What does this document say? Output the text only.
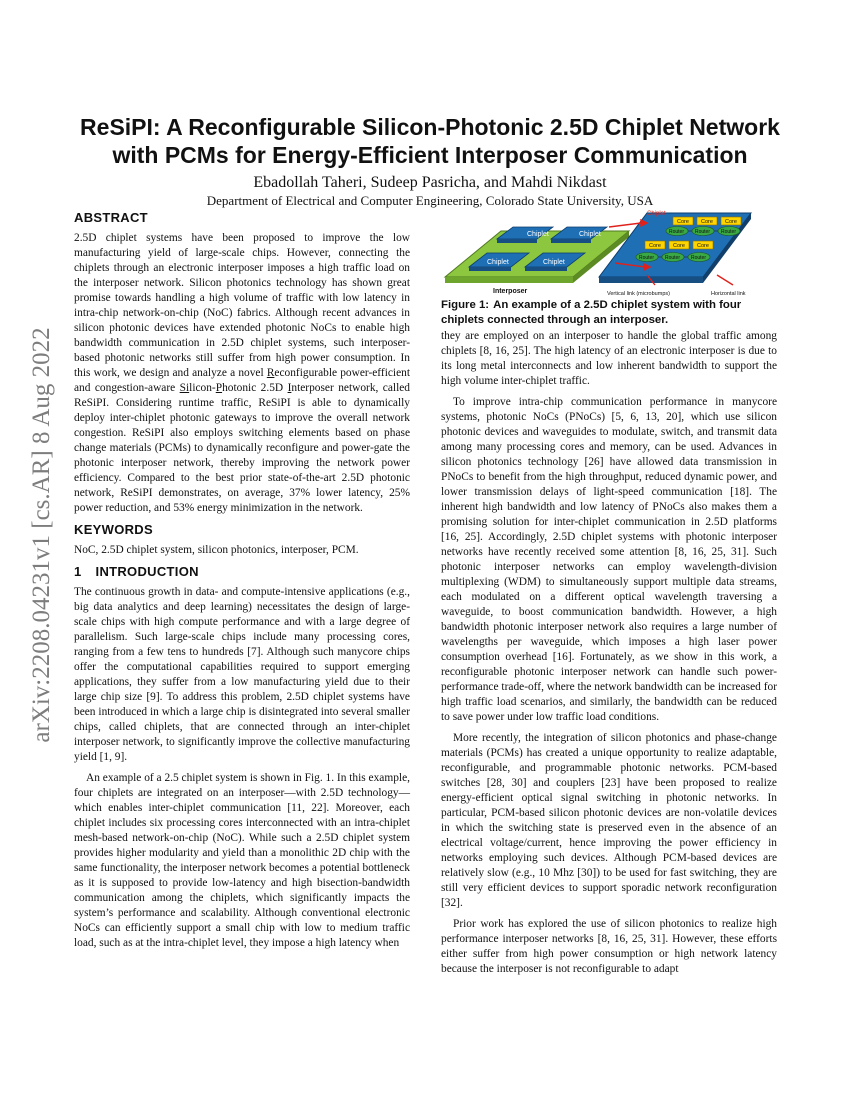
arXiv:2208.04231v1 [cs.AR] 8 Aug 2022
ReSiPI: A Reconfigurable Silicon-Photonic 2.5D Chiplet Network
with PCMs for Energy-Efficient Interposer Communication
Ebadollah Taheri, Sudeep Pasricha, and Mahdi Nikdast
Department of Electrical and Computer Engineering, Colorado State University, USA
ABSTRACT

2.5D chiplet systems have been proposed to improve the low manufacturing yield of large-scale chips. However, connecting the chiplets through an electronic interposer imposes a high traffic load on the interposer network. Silicon photonics technology has shown great promise towards handling a high volume of traffic with low latency in intra-chip network-on-chip (NoC) fabrics. Although recent advances in silicon photonic devices have extended photonic NoCs to enable high bandwidth communication in 2.5D chiplet systems, such interposer-based photonic networks still suffer from high power consumption. In this work, we design and analyze a novel Reconfigurable power-efficient and congestion-aware Silicon-Photonic 2.5D Interposer network, called ReSiPI. Considering runtime traffic, ReSiPI is able to dynamically deploy inter-chiplet photonic gateways to improve the overall network congestion. ReSiPI also employs switching elements based on phase change materials (PCMs) to dynamically reconfigure and power-gate the photonic interposer network, thereby improving the network power efficiency. Compared to the best prior state-of-the-art 2.5D photonic network, ReSiPI demonstrates, on average, 37% lower latency, 25% power reduction, and 53% energy minimization in the network.

KEYWORDS

NoC, 2.5D chiplet system, silicon photonics, interposer, PCM.

1 INTRODUCTION

The continuous growth in data- and compute-intensive applications (e.g., big data analytics and deep learning) necessitates the design of large-scale chips with high compute performance and with a large degree of parallelism. Such large-scale chips include many processing cores, ranging from a few tens to hundreds [7]. Although such manycore chips offer the computational capabilities required to support emerging applications, they suffer from a low manufacturing yield due to their large chip size [9]. To address this problem, 2.5D chiplet systems have been introduced in which a large chip is disintegrated into several smaller chips, called chiplets, that are connected through an inter-chiplet interposer network, to significantly improve the collective manufacturing yield [1, 9].

An example of a 2.5 chiplet system is shown in Fig. 1. In this example, four chiplets are integrated on an interposer—with 2.5D technology—which enables inter-chiplet communication [11, 22]. Moreover, each chiplet includes six processing cores interconnected with an intra-chiplet mesh-based network-on-chip (NoC). While such a 2.5D chiplet system provides higher modularity and yield than a monolithic 2D chip with the same functionality, the interposer network becomes a potential bottleneck as it is supposed to provide low-latency and high bisection-bandwidth communication among the chiplets, which significantly impacts the system’s performance and scalability. Although conventional electronic NoCs can efficiently support a small chip with low to medium traffic load, such as at the intra-chiplet level, they impose a high latency when

Chiplet	Chiplet
Chiplet	Chiplet
Interposer
Core Core Core
Core Core Core
Router Router Router
Router Router Router
Chiplet
Vertical link (microbumps)	Horizontal link

Figure 1: An example of a 2.5D chiplet system with four chiplets connected through an interposer.

they are employed on an interposer to handle the global traffic among chiplets [8, 16, 25]. The high latency of an electronic interposer is due to its long metal interconnects and low inherent bandwidth to support the high volume inter-chiplet traffic.

To improve intra-chip communication performance in manycore systems, photonic NoCs (PNoCs) [5, 6, 13, 20], which use silicon photonic devices and waveguides to modulate, switch, and transmit data among many processing cores and memory, can be used. Advances in silicon photonics technology [26] have allowed data transmission in PNoCs to benefit from the high throughput, reduced dynamic power, and lower transmission delays of light-speed communication [18]. The inherent high bandwidth and low latency of PNoCs also makes them a promising solution for inter-chiplet communication in 2.5D platforms [16, 25]. Accordingly, 2.5D chiplet systems with photonic interposer networks have recently received some attention [8, 16, 25, 31]. Such photonic interposer networks can employ wavelength-division multiplexing (WDM) to simultaneously support multiple data streams, each modulated on a different optical wavelength traversing a waveguide, to boost communication bandwidth. However, a high bandwidth photonic interposer network also requires a large number of wavelengths per waveguide, which imposes a high laser power consumption overhead [16]. Fortunately, as we show in this work, a reconfigurable photonic interposer network can handle such power-performance trade-off, where the network bandwidth can be increased for high traffic load scenarios, and similarly, the bandwidth can be reduced to save power under low traffic load conditions.

More recently, the integration of silicon photonics and phase-change materials (PCMs) has created a unique opportunity to realize adaptable, reconfigurable, and programmable photonic networks. PCM-based switches [28, 30] and couplers [23] have been proposed to realize energy-efficient optical signal switching in photonic networks. In particular, PCM-based silicon photonic devices are non-volatile devices in which the switching state is preserved even in the absence of an electrical voltage/current, hence improving the power efficiency in networks employing such devices. Although PCM-based devices are relatively slow (e.g., 10 Mhz [30]) to be used for fast switching, they are still very efficient devices to support sporadic network reconfiguration [32].

Prior work has explored the use of silicon photonics to realize high performance interposer networks [8, 16, 25, 31]. However, these efforts either suffer from high power consumption or high network latency because the interposer is not reconfigurable to adapt
